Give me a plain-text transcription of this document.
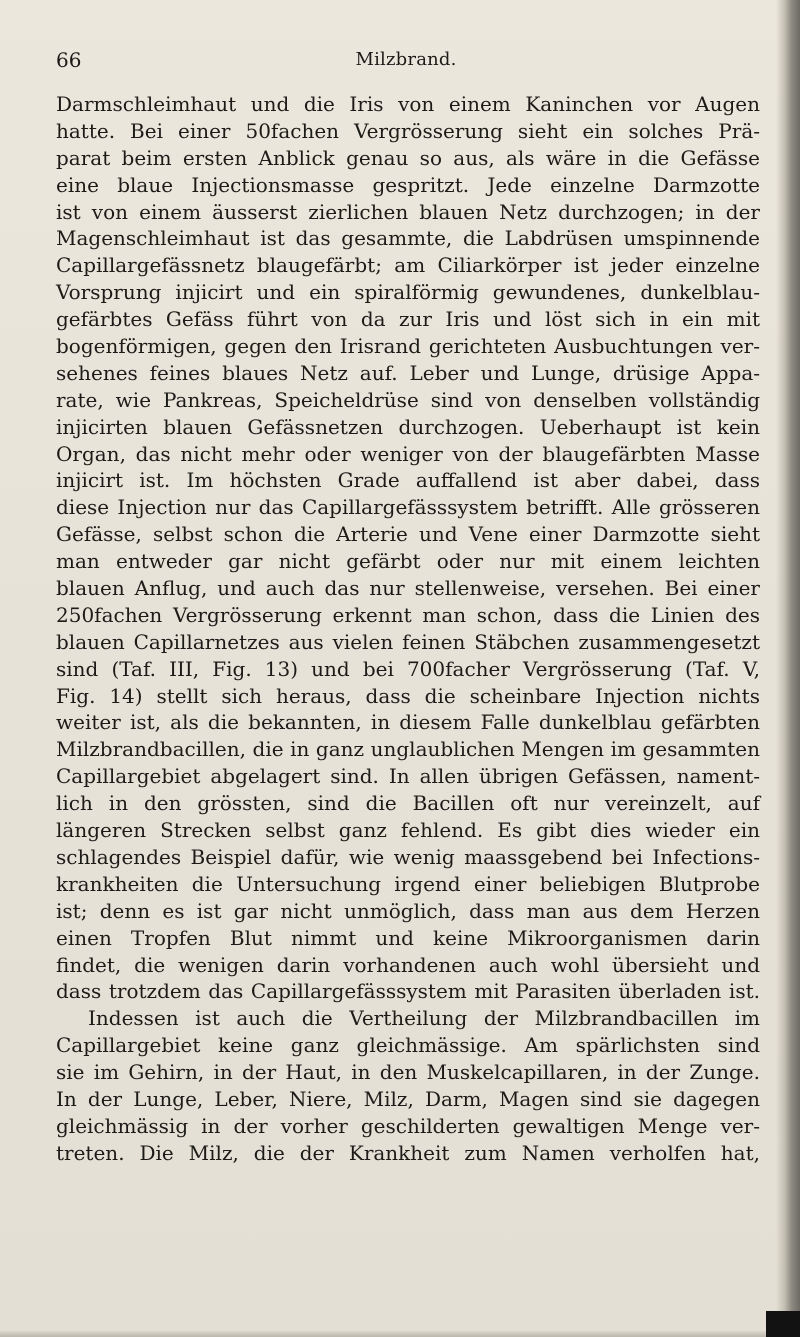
66	Milzbrand.
Darmschleimhaut und die Iris von einem Kaninchen vor Augen
hatte. Bei einer 50fachen Vergrösserung sieht ein solches Prä-
parat beim ersten Anblick genau so aus, als wäre in die Gefässe
eine blaue Injectionsmasse gespritzt. Jede einzelne Darmzotte
ist von einem äusserst zierlichen blauen Netz durchzogen; in der
Magenschleimhaut ist das gesammte, die Labdrüsen umspinnende
Capillargefässnetz blaugefärbt; am Ciliarkörper ist jeder einzelne
Vorsprung injicirt und ein spiralförmig gewundenes, dunkelblau-
gefärbtes Gefäss führt von da zur Iris und löst sich in ein mit
bogenförmigen, gegen den Irisrand gerichteten Ausbuchtungen ver-
sehenes feines blaues Netz auf. Leber und Lunge, drüsige Appa-
rate, wie Pankreas, Speicheldrüse sind von denselben vollständig
injicirten blauen Gefässnetzen durchzogen. Ueberhaupt ist kein
Organ, das nicht mehr oder weniger von der blaugefärbten Masse
injicirt ist. Im höchsten Grade auffallend ist aber dabei, dass
diese Injection nur das Capillargefässsystem betrifft. Alle grösseren
Gefässe, selbst schon die Arterie und Vene einer Darmzotte sieht
man entweder gar nicht gefärbt oder nur mit einem leichten
blauen Anflug, und auch das nur stellenweise, versehen. Bei einer
250fachen Vergrösserung erkennt man schon, dass die Linien des
blauen Capillarnetzes aus vielen feinen Stäbchen zusammengesetzt
sind (Taf. III, Fig. 13) und bei 700facher Vergrösserung (Taf. V,
Fig. 14) stellt sich heraus, dass die scheinbare Injection nichts
weiter ist, als die bekannten, in diesem Falle dunkelblau gefärbten
Milzbrandbacillen, die in ganz unglaublichen Mengen im gesammten
Capillargebiet abgelagert sind. In allen übrigen Gefässen, nament-
lich in den grössten, sind die Bacillen oft nur vereinzelt, auf
längeren Strecken selbst ganz fehlend. Es gibt dies wieder ein
schlagendes Beispiel dafür, wie wenig maassgebend bei Infections-
krankheiten die Untersuchung irgend einer beliebigen Blutprobe
ist; denn es ist gar nicht unmöglich, dass man aus dem Herzen
einen Tropfen Blut nimmt und keine Mikroorganismen darin
findet, die wenigen darin vorhandenen auch wohl übersieht und
dass trotzdem das Capillargefässsystem mit Parasiten überladen ist.
Indessen ist auch die Vertheilung der Milzbrandbacillen im
Capillargebiet keine ganz gleichmässige. Am spärlichsten sind
sie im Gehirn, in der Haut, in den Muskelcapillaren, in der Zunge.
In der Lunge, Leber, Niere, Milz, Darm, Magen sind sie dagegen
gleichmässig in der vorher geschilderten gewaltigen Menge ver-
treten. Die Milz, die der Krankheit zum Namen verholfen hat,
